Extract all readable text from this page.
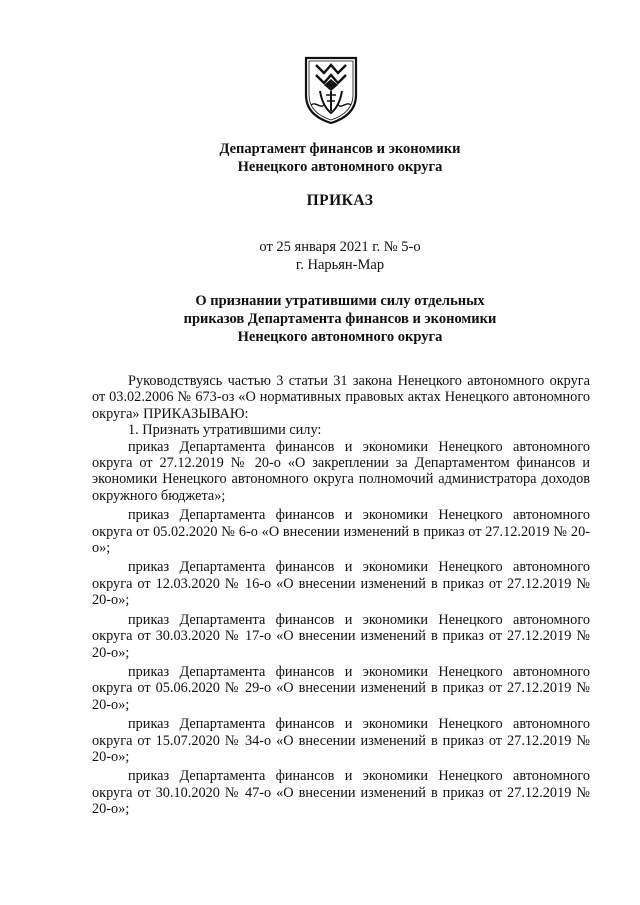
Департамент финансов и экономики
Ненецкого автономного округа
ПРИКАЗ
от 25 января 2021 г. № 5-о
г. Нарьян-Мар
О признании утратившими силу отдельных
приказов Департамента финансов и экономики
Ненецкого автономного округа
Руководствуясь частью 3 статьи 31 закона Ненецкого автономного округа от 03.02.2006 № 673-оз «О нормативных правовых актах Ненецкого автономного округа» ПРИКАЗЫВАЮ:
1. Признать утратившими силу:
приказ Департамента финансов и экономики Ненецкого автономного округа от 27.12.2019 № 20-о «О закреплении за Департаментом финансов и экономики Ненецкого автономного округа полномочий администратора доходов окружного бюджета»;
приказ Департамента финансов и экономики Ненецкого автономного округа от 05.02.2020 № 6-о «О внесении изменений в приказ от 27.12.2019 № 20-о»;
приказ Департамента финансов и экономики Ненецкого автономного округа от 12.03.2020 № 16-о «О внесении изменений в приказ от 27.12.2019 № 20-о»;
приказ Департамента финансов и экономики Ненецкого автономного округа от 30.03.2020 № 17-о «О внесении изменений в приказ от 27.12.2019 № 20-о»;
приказ Департамента финансов и экономики Ненецкого автономного округа от 05.06.2020 № 29-о «О внесении изменений в приказ от 27.12.2019 № 20-о»;
приказ Департамента финансов и экономики Ненецкого автономного округа от 15.07.2020 № 34-о «О внесении изменений в приказ от 27.12.2019 № 20-о»;
приказ Департамента финансов и экономики Ненецкого автономного округа от 30.10.2020 № 47-о «О внесении изменений в приказ от 27.12.2019 № 20-о»;
